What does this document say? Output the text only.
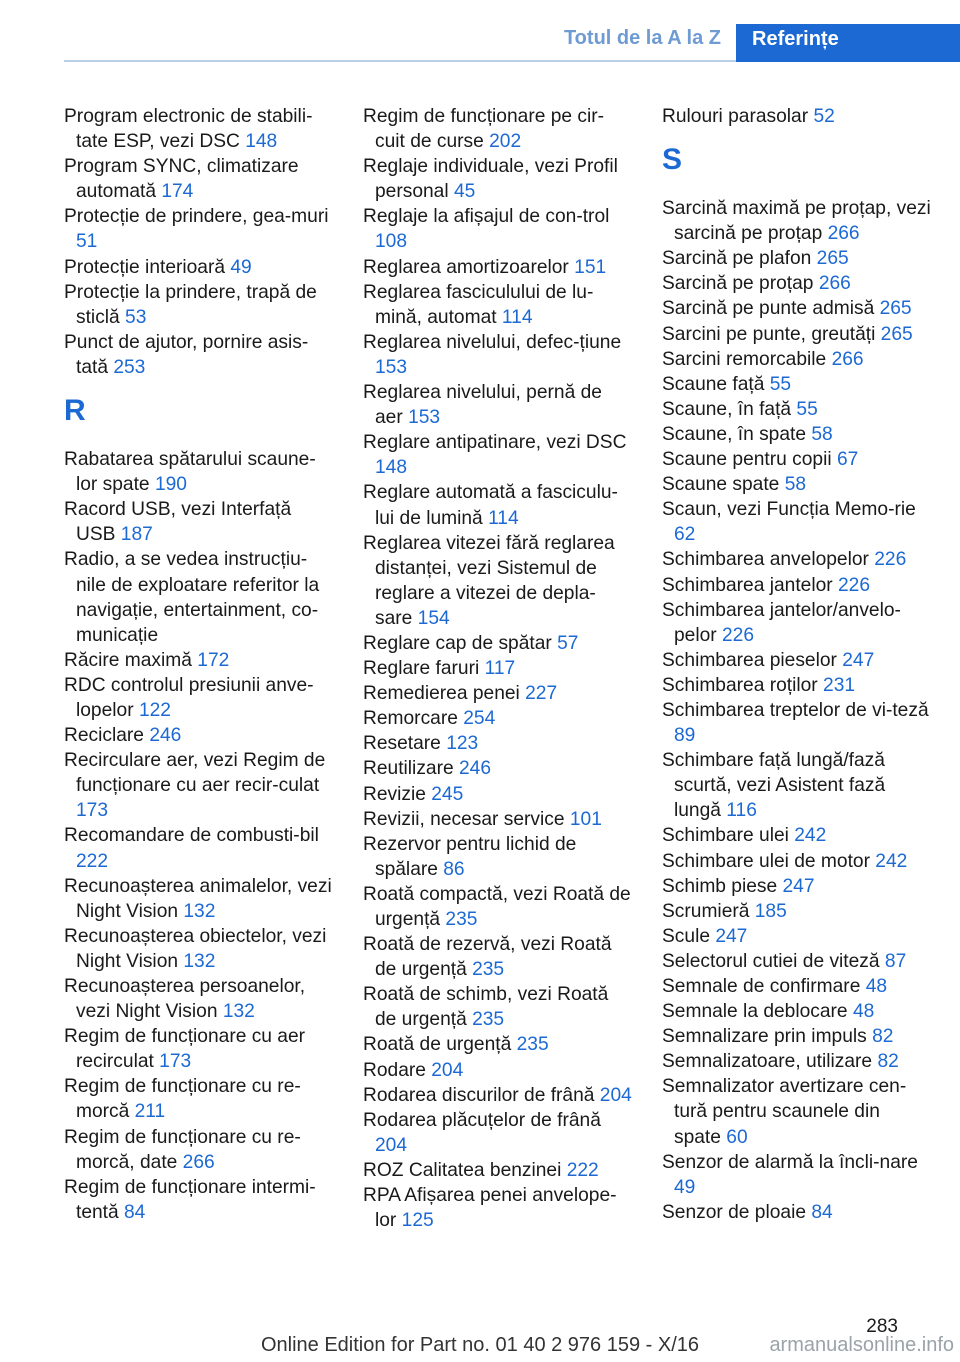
Totul de la A la Z Referințe

Program electronic de stabili‐tate ESP, vezi DSC 148

Program SYNC, climatizare automată 174

Protecție de prindere, gea‐muri 51

Protecție interioară 49

Protecție la prindere, trapă de sticlă 53

Punct de ajutor, pornire asis‐tată 253

R

Rabatarea spătarului scaune‐lor spate 190

Racord USB, vezi Interfață USB 187

Radio, a se vedea instrucțiu‐nile de exploatare referitor la navigație, entertainment, co‐municație

Răcire maximă 172

RDC controlul presiunii anve‐lopelor 122

Reciclare 246

Recirculare aer, vezi Regim de funcționare cu aer recir‐culat 173

Recomandare de combusti‐bil 222

Recunoașterea animalelor, vezi Night Vision 132

Recunoașterea obiectelor, vezi Night Vision 132

Recunoașterea persoanelor, vezi Night Vision 132

Regim de funcționare cu aer recirculat 173

Regim de funcționare cu re‐morcă 211

Regim de funcționare cu re‐morcă, date 266

Regim de funcționare intermi‐tentă 84

Regim de funcționare pe cir‐cuit de curse 202

Reglaje individuale, vezi Profil personal 45

Reglaje la afișajul de con‐trol 108

Reglarea amortizoarelor 151

Reglarea fasciculului de lu‐mină, automat 114

Reglarea nivelului, defec‐țiune 153

Reglarea nivelului, pernă de aer 153

Reglare antipatinare, vezi DSC 148

Reglare automată a fasciculu‐lui de lumină 114

Reglarea vitezei fără reglarea distanței, vezi Sistemul de reglare a vitezei de depla‐sare 154

Reglare cap de spătar 57

Reglare faruri 117

Remedierea penei 227

Remorcare 254

Resetare 123

Reutilizare 246

Revizie 245

Revizii, necesar service 101

Rezervor pentru lichid de spălare 86

Roată compactă, vezi Roată de urgență 235

Roată de rezervă, vezi Roată de urgență 235

Roată de schimb, vezi Roată de urgență 235

Roată de urgență 235

Rodare 204

Rodarea discurilor de frână 204

Rodarea plăcuțelor de frână 204

ROZ Calitatea benzinei 222

RPA Afișarea penei anvelope‐lor 125

Rulouri parasolar 52

S

Sarcină maximă pe proțap, vezi sarcină pe proțap 266

Sarcină pe plafon 265

Sarcină pe proțap 266

Sarcină pe punte admisă 265

Sarcini pe punte, greutăți 265

Sarcini remorcabile 266

Scaune față 55

Scaune, în față 55

Scaune, în spate 58

Scaune pentru copii 67

Scaune spate 58

Scaun, vezi Funcția Memo‐rie 62

Schimbarea anvelopelor 226

Schimbarea jantelor 226

Schimbarea jantelor/anvelo‐pelor 226

Schimbarea pieselor 247

Schimbarea roților 231

Schimbarea treptelor de vi‐teză 89

Schimbare față lungă/fază scurtă, vezi Asistent fază lungă 116

Schimbare ulei 242

Schimbare ulei de motor 242

Schimb piese 247

Scrumieră 185

Scule 247

Selectorul cutiei de viteză 87

Semnale de confirmare 48

Semnale la deblocare 48

Semnalizare prin impuls 82

Semnalizatoare, utilizare 82

Semnalizator avertizare cen‐tură pentru scaunele din spate 60

Senzor de alarmă la încli‐nare 49

Senzor de ploaie 84

283
Online Edition for Part no. 01 40 2 976 159 - X/16	armanualsonline.info
